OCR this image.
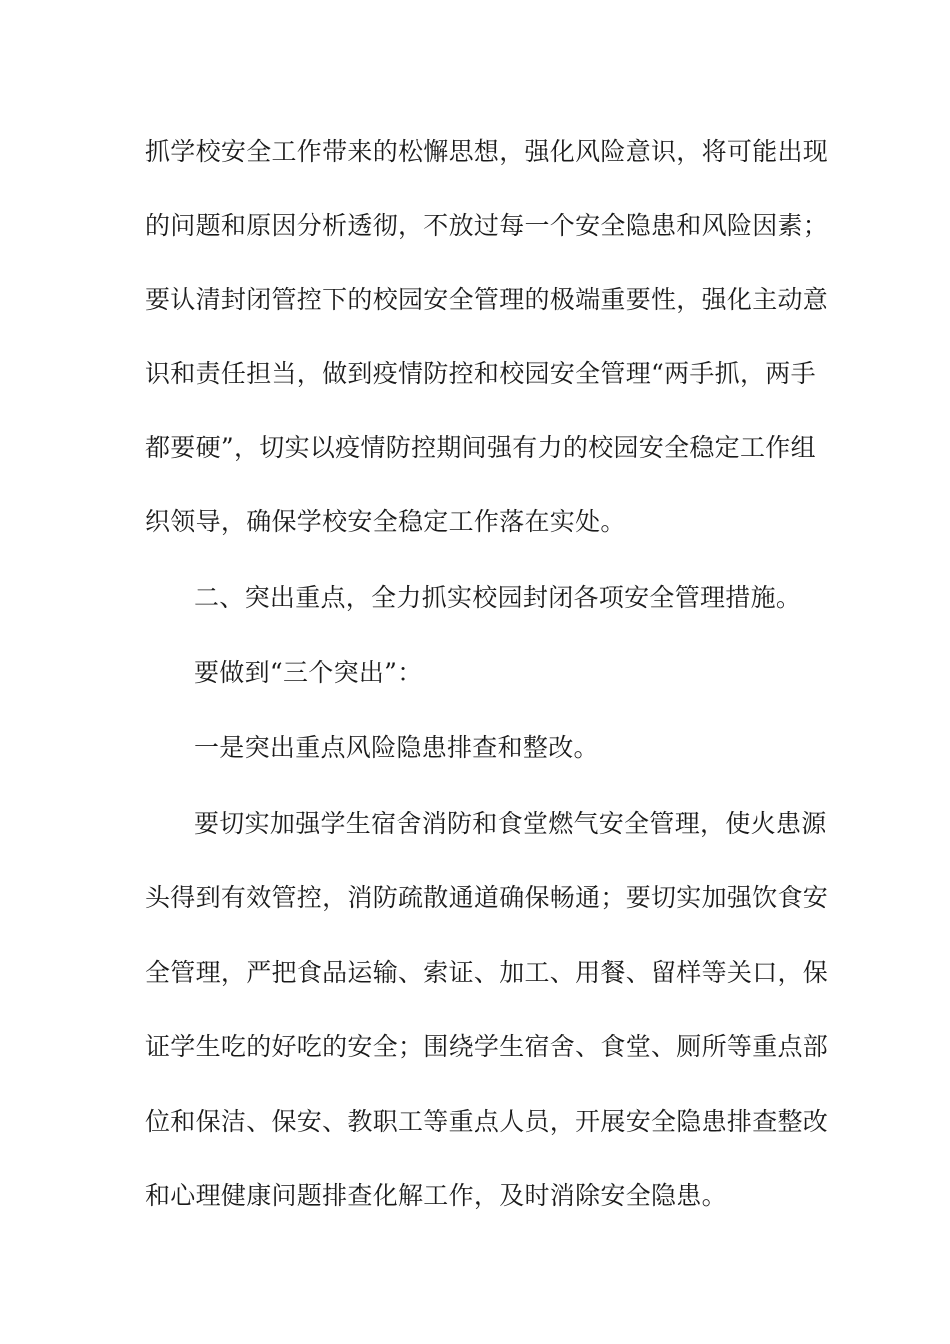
抓学校安全工作带来的松懈思想，强化风险意识，将可能出现
的问题和原因分析透彻，不放过每一个安全隐患和风险因素；
要认清封闭管控下的校园安全管理的极端重要性，强化主动意
识和责任担当，做到疫情防控和校园安全管理“两手抓，两手
都要硬”，切实以疫情防控期间强有力的校园安全稳定工作组
织领导，确保学校安全稳定工作落在实处。
二、突出重点，全力抓实校园封闭各项安全管理措施。
要做到“三个突出”：
一是突出重点风险隐患排查和整改。
要切实加强学生宿舍消防和食堂燃气安全管理，使火患源
头得到有效管控，消防疏散通道确保畅通；要切实加强饮食安
全管理，严把食品运输、索证、加工、用餐、留样等关口，保
证学生吃的好吃的安全；围绕学生宿舍、食堂、厕所等重点部
位和保洁、保安、教职工等重点人员，开展安全隐患排查整改
和心理健康问题排查化解工作，及时消除安全隐患。
